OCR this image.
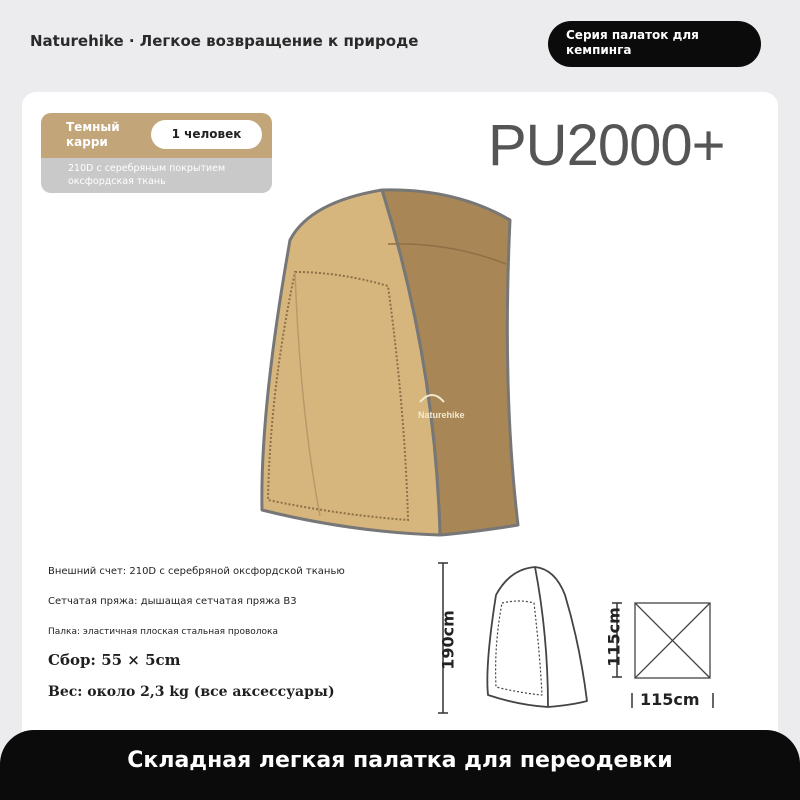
Naturehike · Легкое возвращение к природе	Серия палаток для кемпинга
Темный карри
1 человек
210D с серебряным покрытием оксфордская ткань
PU2000+
Naturehike
Внешний счет: 210D с серебряной оксфордской тканью
Сетчатая пряжа: дышащая сетчатая пряжа B3
Палка: эластичная плоская стальная проволока
Сбор: 55 × 5cm
Вес: около 2,3 kg (все аксессуары)
190cm	115cm
115cm
Складная легкая палатка для переодевки
